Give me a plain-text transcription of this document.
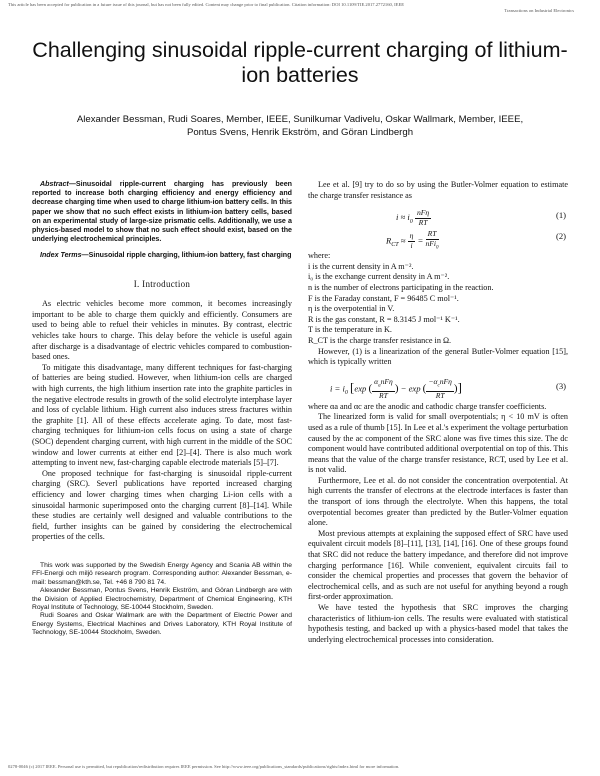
This article has been accepted for publication in a future issue of this journal, but has not been fully edited. Content may change prior to final publication. Citation information: DOI 10.1109/TIE.2017.2772160, IEEE
Transactions on Industrial Electronics
Challenging sinusoidal ripple-current charging of lithium-ion batteries
Alexander Bessman, Rudi Soares, Member, IEEE, Sunilkumar Vadivelu, Oskar Wallmark, Member, IEEE,
Pontus Svens, Henrik Ekström, and Göran Lindbergh
Abstract—Sinusoidal ripple-current charging has previously been reported to increase both charging efficiency and energy efficiency and decrease charging time when used to charge lithium-ion battery cells. In this paper we show that no such effect exists in lithium-ion battery cells, based on an experimental study of large-size prismatic cells. Additionally, we use a physics-based model to show that no such effect should exist, based on the underlying electrochemical principles.
Index Terms—Sinusoidal ripple charging, lithium-ion battery, fast charging
I. Introduction

As electric vehicles become more common, it becomes increasingly important to be able to charge them quickly and efficiently. Consumers are used to being able to refuel their vehicles in minutes. By contrast, electric vehicles take hours to charge. This delay before the vehicle is useful again after discharge is a disadvantage of electric vehicles compared to combustion-based ones.

To mitigate this disadvantage, many different techniques for fast-charging of batteries are being studied. However, when lithium-ion cells are charged with high currents, the high lithium insertion rate into the graphite particles in the negative electrode results in growth of the solid electrolyte interphase layer and loss of cyclable lithium. High current also induces stress fractures within the graphite [1]. All of these effects accelerate aging. To date, most fast-charging techniques for lithium-ion cells focus on using a state of charge (SOC) dependent charging current, with high current in the middle of the SOC window and lower currents at either end [2]–[4]. There is also much work attempting to invent new, fast-charging capable electrode materials [5]–[7].

One proposed technique for fast-charging is sinusoidal ripple-current charging (SRC). Severl publications have reported increased charging efficiency and lower charging times when charging Li-ion cells with a sinusoidal harmonic superimposed onto the charging current [8]–[14]. While these studies are certainly well designed and valuable contributions to the field, further insights can be gained by considering the electrochemical properties of the cells.

This work was supported by the Swedish Energy Agency and Scania AB within the FFI-Energi och miljö research program. Corresponding author: Alexander Bessman, e-mail: bessman@kth.se, Tel. +46 8 790 81 74.

Alexander Bessman, Pontus Svens, Henrik Ekström, and Göran Lindbergh are with the Division of Applied Electrochemistry, Department of Chemical Engineering, KTH Royal Institute of Technology, SE-10044 Stockholm, Sweden.

Rudi Soares and Oskar Wallmark are with the Department of Electric Power and Energy Systems, Electrical Machines and Drives Laboratory, KTH Royal Institute of Technology, SE-10044 Stockholm, Sweden.

Lee et al. [9] try to do so by using the Butler-Volmer equation to estimate the charge transfer resistance as

$i \approx i_0 \frac{\text{nFη}}{RT}$	(1)
$R_{CT} \approx \frac{\eta}{i} = \frac{RT}{nFi_0}$	(2)

where:

i is the current density in A m⁻².

i₀ is the exchange current density in A m⁻².

n is the number of electrons participating in the reaction.

F is the Faraday constant, F = 96485 C mol⁻¹.

η is the overpotential in V.

R is the gas constant, R = 8.3145 J mol⁻¹ K⁻¹.

T is the temperature in K.

R_CT is the charge transfer resistance in Ω.

However, (1) is a linearization of the general Butler-Volmer equation [15], which is typically written

$i = i_0$ [exp ( $\frac{\alpha_anF\eta}{RT}$ ) − exp ( $\frac{-\alpha_cnF\eta}{RT}$ )]	(3)

where αa and αc are the anodic and cathodic charge transfer coefficients.

The linearized form is valid for small overpotentials; η < 10 mV is often used as a rule of thumb [15]. In Lee et al.'s experiment the voltage perturbation caused by the ac component of the SRC alone was five times this size. The dc component would have contributed additional overpotential on top of this. This means that the value of the charge transfer resistance, RCT, used by Lee et al. is not valid.

Furthermore, Lee et al. do not consider the concentration overpotential. At high currents the transfer of electrons at the electrode interfaces is faster than the transport of ions through the electrolyte. When this happens, the total overpotential becomes greater than predicted by the Butler-Volmer equation alone.

Most previous attempts at explaining the supposed effect of SRC have used equivalent circuit models [8]–[11], [13], [14], [16]. One of these groups found that SRC did not reduce the battery impedance, and therefore did not improve charging performance [16]. While convenient, equivalent circuits fail to consider the chemical properties and processes that govern the behavior of electrochemical cells, and as such are not useful for anything beyond a rough first-order approximation.

We have tested the hypothesis that SRC improves the charging characteristics of lithium-ion cells. The results were evaluated with statistical hypothesis testing, and backed up with a physics-based model that takes the underlying electrochemical processes into consideration.

0278-0046 (c) 2017 IEEE. Personal use is permitted, but republication/redistribution requires IEEE permission. See http://www.ieee.org/publications_standards/publications/rights/index.html for more information.
